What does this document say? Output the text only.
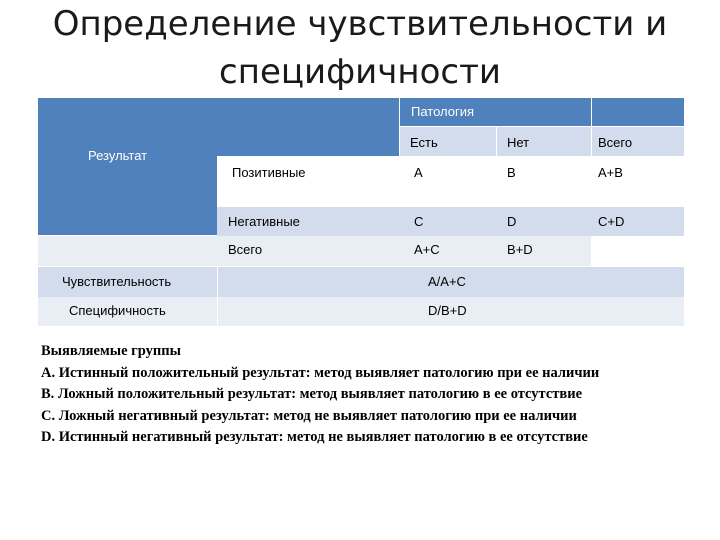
Определение чувствительности и
специфичности
Результат
Патология
Есть	Нет	Всего
Позитивные	A	B	A+B
Негативные	C	D	C+D
Всего	A+C	B+D
Чувствительность	A/A+C
Специфичность	D/B+D
Выявляемые группы
A. Истинный положительный результат: метод выявляет патологию при ее наличии
B. Ложный положительный результат: метод выявляет патологию в ее отсутствие
C. Ложный негативный результат: метод не выявляет патологию при ее наличии
D. Истинный негативный результат: метод не выявляет патологию в ее отсутствие
